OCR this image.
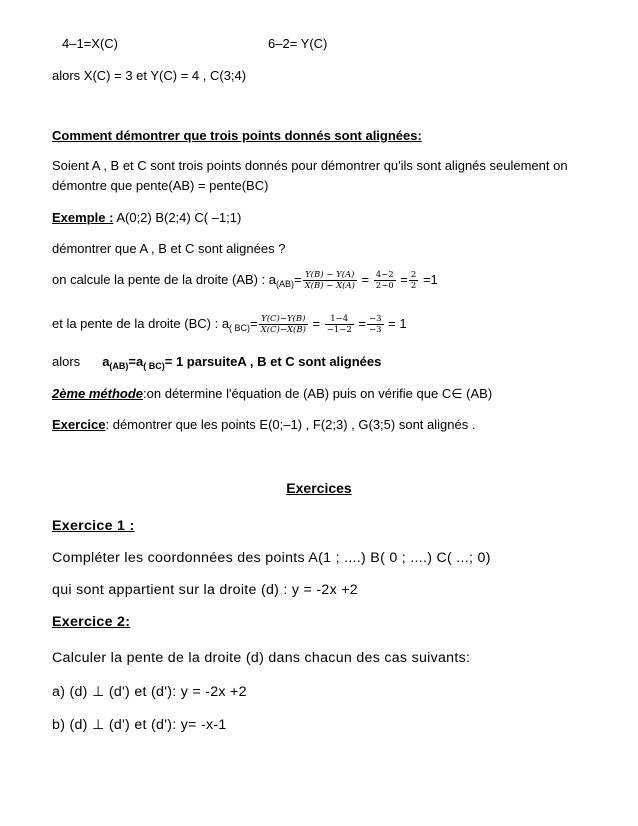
4–1=X(C)	6–2= Y(C)
alors X(C) = 3 et Y(C) = 4 , C(3;4)
Comment démontrer que trois points donnés sont alignées:
Soient A , B et C sont trois points donnés pour démontrer qu'ils sont alignés seulement on
démontre que pente(AB) = pente(BC)
Exemple : A(0;2) B(2;4) C( –1;1)
démontrer que A , B et C sont alignées ?
on calcule la pente de la droite (AB) : $a_{(AB)}= \frac{Y(B) - Y(A)}{X(B) - X(A)} = \frac{4-2}{2-0} = \frac{2}{2} =1$
et la pente de la droite (BC) : $a_{( BC)}= \frac{Y(C)-Y(B)}{X(C)-X(B)} = \frac{1-4}{-1-2} = \frac{-3}{-3} = 1$
alors $a_{(AB)}=a_{( BC)}= 1$ parsuiteA , B et C sont alignées
2ème méthode:on détermine l'équation de (AB) puis on vérifie que C∈ (AB)
Exercice: démontrer que les points E(0;–1) , F(2;3) , G(3;5) sont alignés .
Exercices
Exercice 1 :
Compléter les coordonnées des points A(1 ; ....) B( 0 ; ....) C( ...; 0)
qui sont appartient sur la droite (d) : y = -2x +2
Exercice 2:
Calculer la pente de la droite (d) dans chacun des cas suivants:
a) (d) ⊥ (d') et (d'): y = -2x +2
b) (d) ⊥ (d') et (d'): y= -x-1
